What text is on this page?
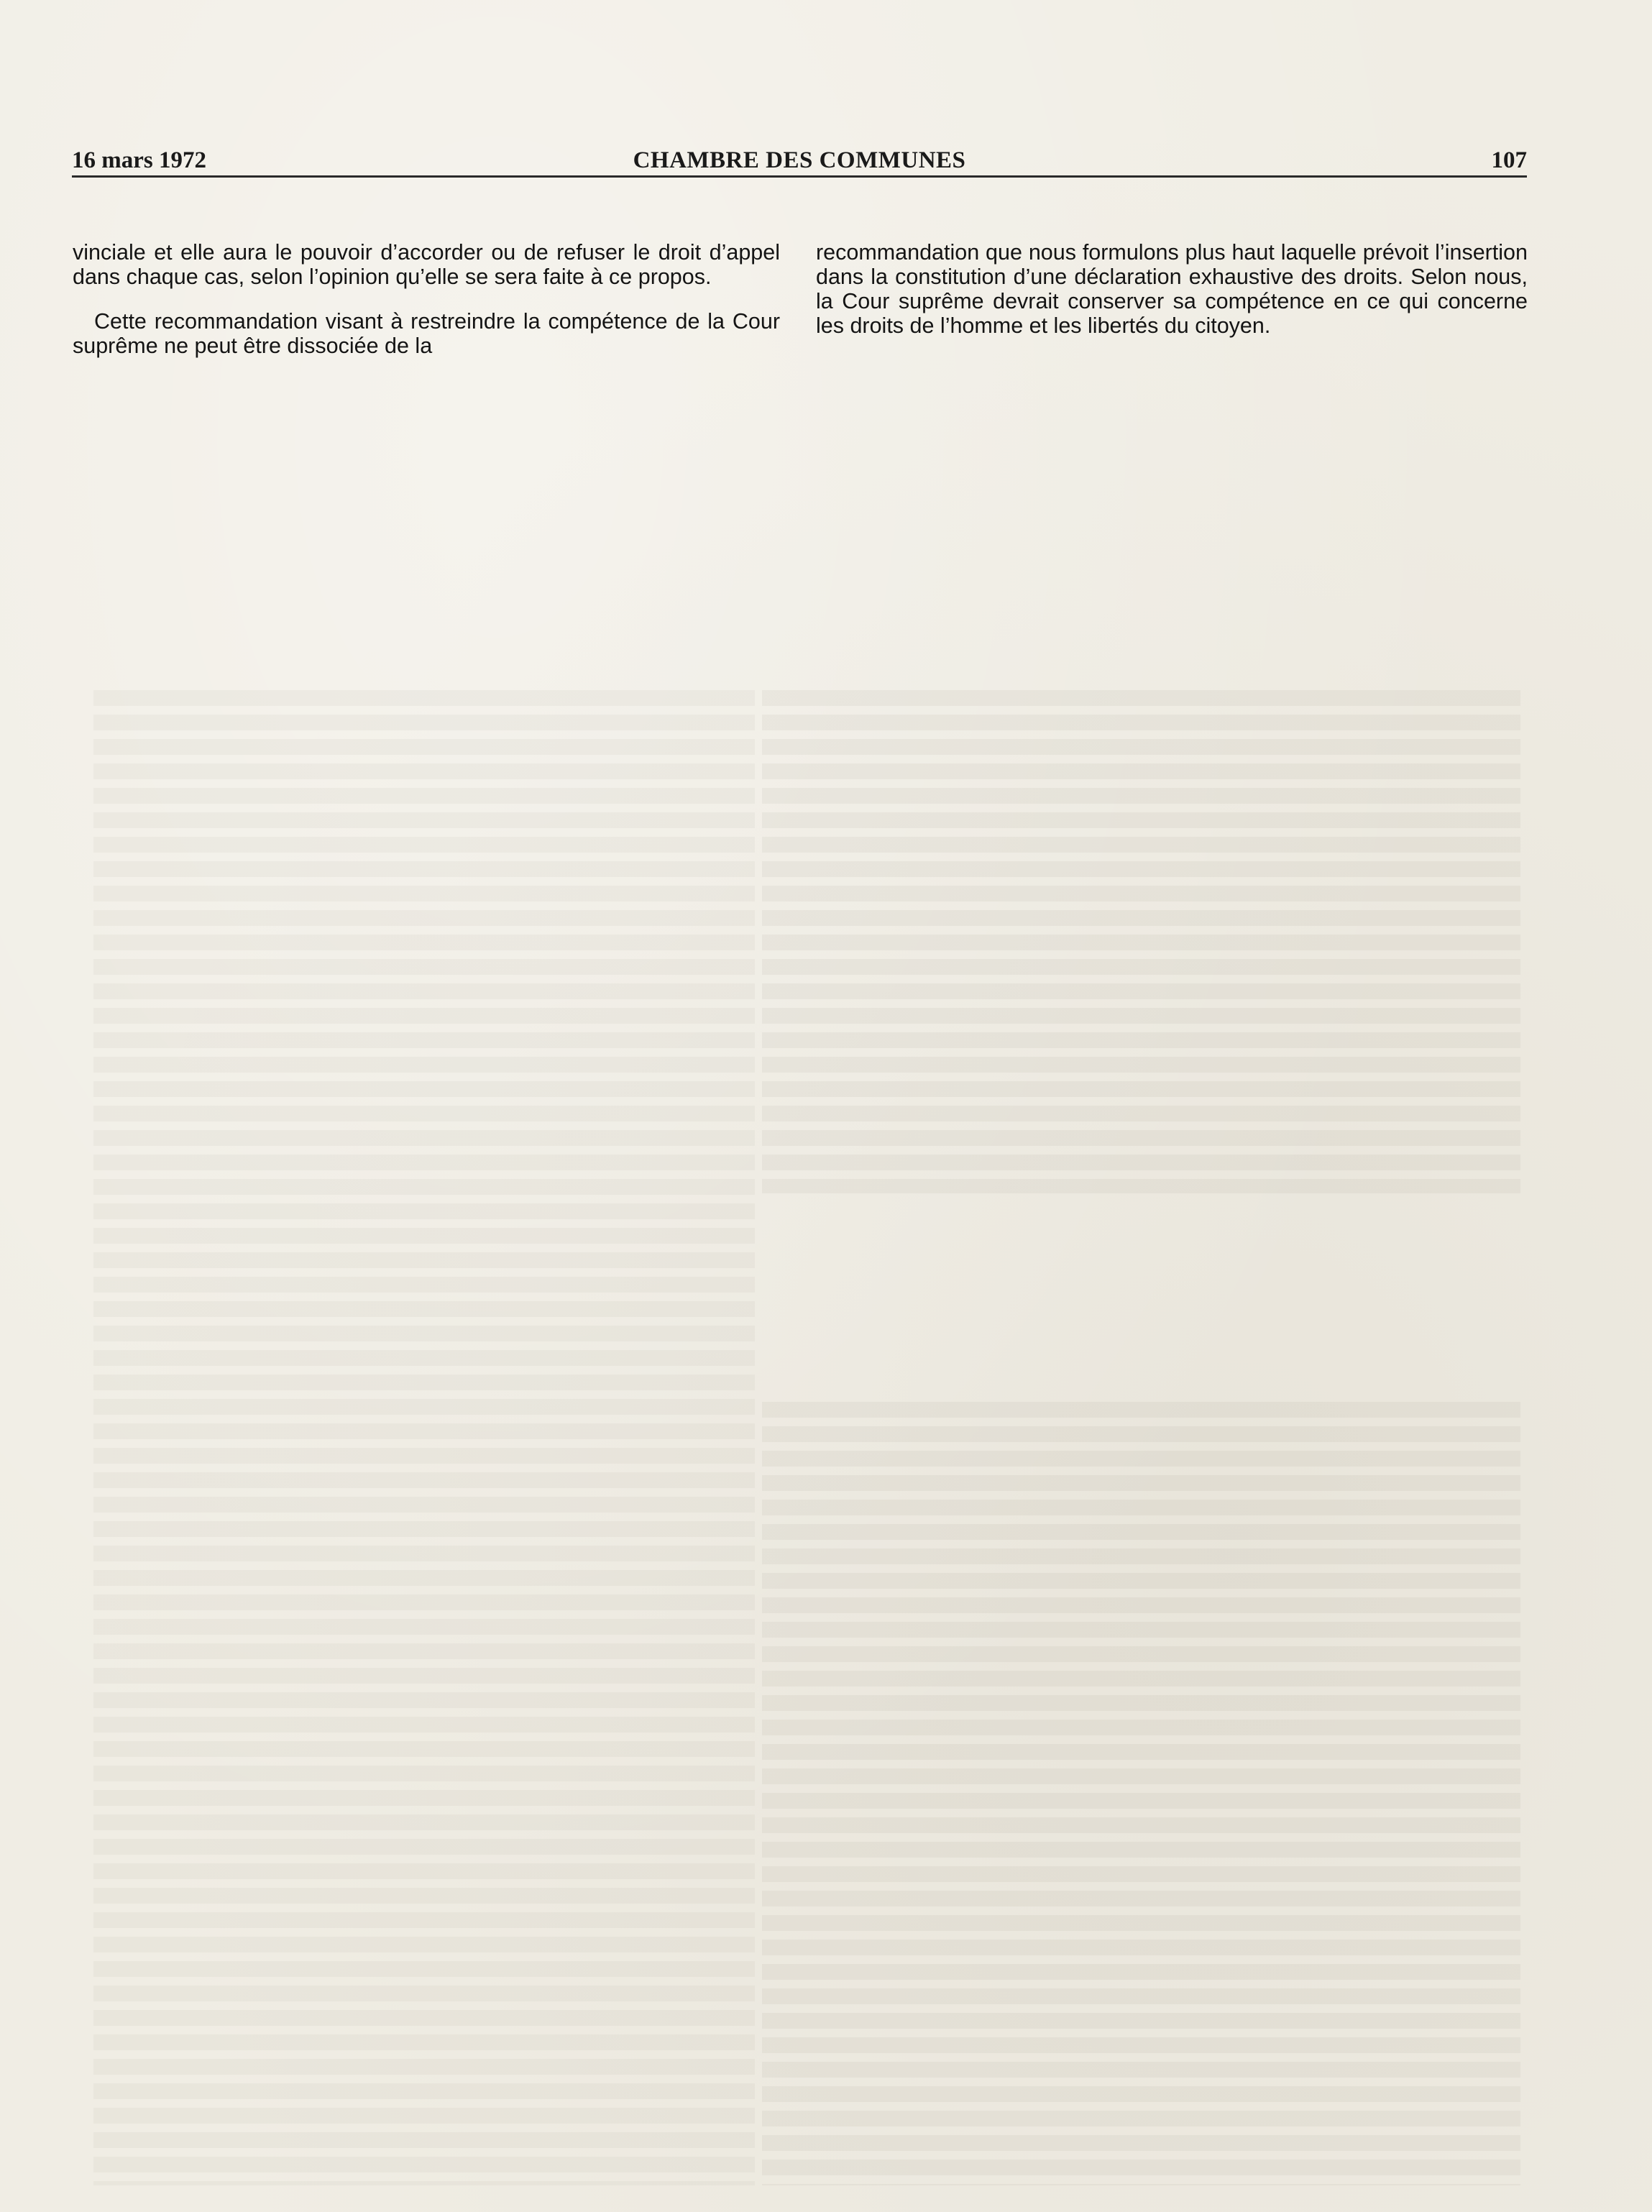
16 mars 1972	CHAMBRE DES COMMUNES	107

vinciale et elle aura le pouvoir d’accorder ou de refuser le droit d’appel dans chaque cas, selon l’opinion qu’elle se sera faite à ce propos.

Cette recommandation visant à restreindre la compétence de la Cour suprême ne peut être dissociée de la

recommandation que nous formulons plus haut laquelle prévoit l’insertion dans la constitution d’une déclaration exhaustive des droits. Selon nous, la Cour suprême devrait conserver sa compétence en ce qui concerne les droits de l’homme et les libertés du citoyen.
